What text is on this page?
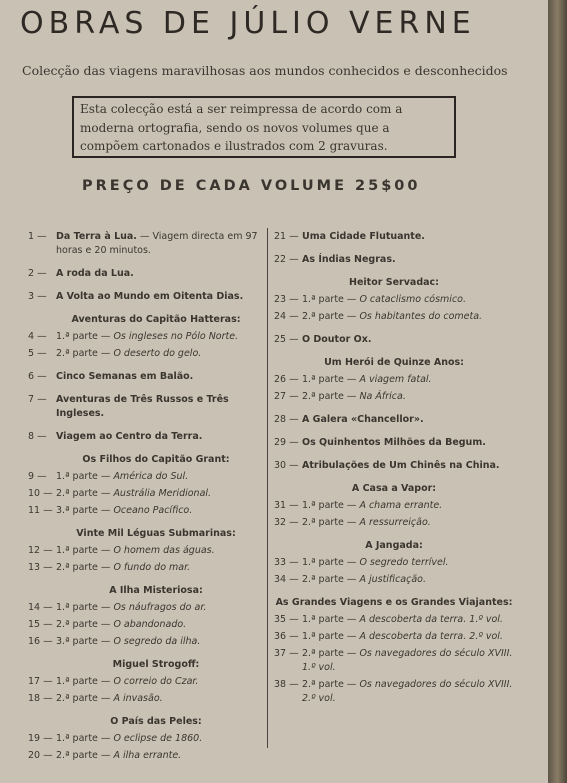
OBRAS DE JÚLIO VERNE
Colecção das viagens maravilhosas aos mundos conhecidos e desconhecidos
Esta colecção está a ser reimpressa de acordo com a moderna ortografia, sendo os novos volumes que a compõem cartonados e ilustrados com 2 gravuras.
PREÇO DE CADA VOLUME 25$00
1 — Da Terra à Lua. — Viagem directa em 97 horas e 20 minutos.
2 — A roda da Lua.
3 — A Volta ao Mundo em Oitenta Dias.
Aventuras do Capitão Hatteras:
4 — 1.ª parte — Os ingleses no Pólo Norte.
5 — 2.ª parte — O deserto do gelo.
6 — Cinco Semanas em Balão.
7 — Aventuras de Três Russos e Três Ingleses.
8 — Viagem ao Centro da Terra.
Os Filhos do Capitão Grant:
9 — 1.ª parte — América do Sul.
10 — 2.ª parte — Austrália Meridional.
11 — 3.ª parte — Oceano Pacífico.
Vinte Mil Léguas Submarinas:
12 — 1.ª parte — O homem das águas.
13 — 2.ª parte — O fundo do mar.
A Ilha Misteriosa:
14 — 1.ª parte — Os náufragos do ar.
15 — 2.ª parte — O abandonado.
16 — 3.ª parte — O segredo da ilha.
Miguel Strogoff:
17 — 1.ª parte — O correio do Czar.
18 — 2.ª parte — A invasão.
O País das Peles:
19 — 1.ª parte — O eclipse de 1860.
20 — 2.ª parte — A ilha errante.
21 — Uma Cidade Flutuante.
22 — As Índias Negras.
Heitor Servadac:
23 — 1.ª parte — O cataclismo cósmico.
24 — 2.ª parte — Os habitantes do cometa.
25 — O Doutor Ox.
Um Herói de Quinze Anos:
26 — 1.ª parte — A viagem fatal.
27 — 2.ª parte — Na África.
28 — A Galera «Chancellor».
29 — Os Quinhentos Milhões da Begum.
30 — Atribulações de Um Chinês na China.
A Casa a Vapor:
31 — 1.ª parte — A chama errante.
32 — 2.ª parte — A ressurreição.
A Jangada:
33 — 1.ª parte — O segredo terrível.
34 — 2.ª parte — A justificação.
As Grandes Viagens e os Grandes Viajantes:
35 — 1.ª parte — A descoberta da terra. 1.º vol.
36 — 1.ª parte — A descoberta da terra. 2.º vol.
37 — 2.ª parte — Os navegadores do século XVIII. 1.º vol.
38 — 2.ª parte — Os navegadores do século XVIII. 2.º vol.
